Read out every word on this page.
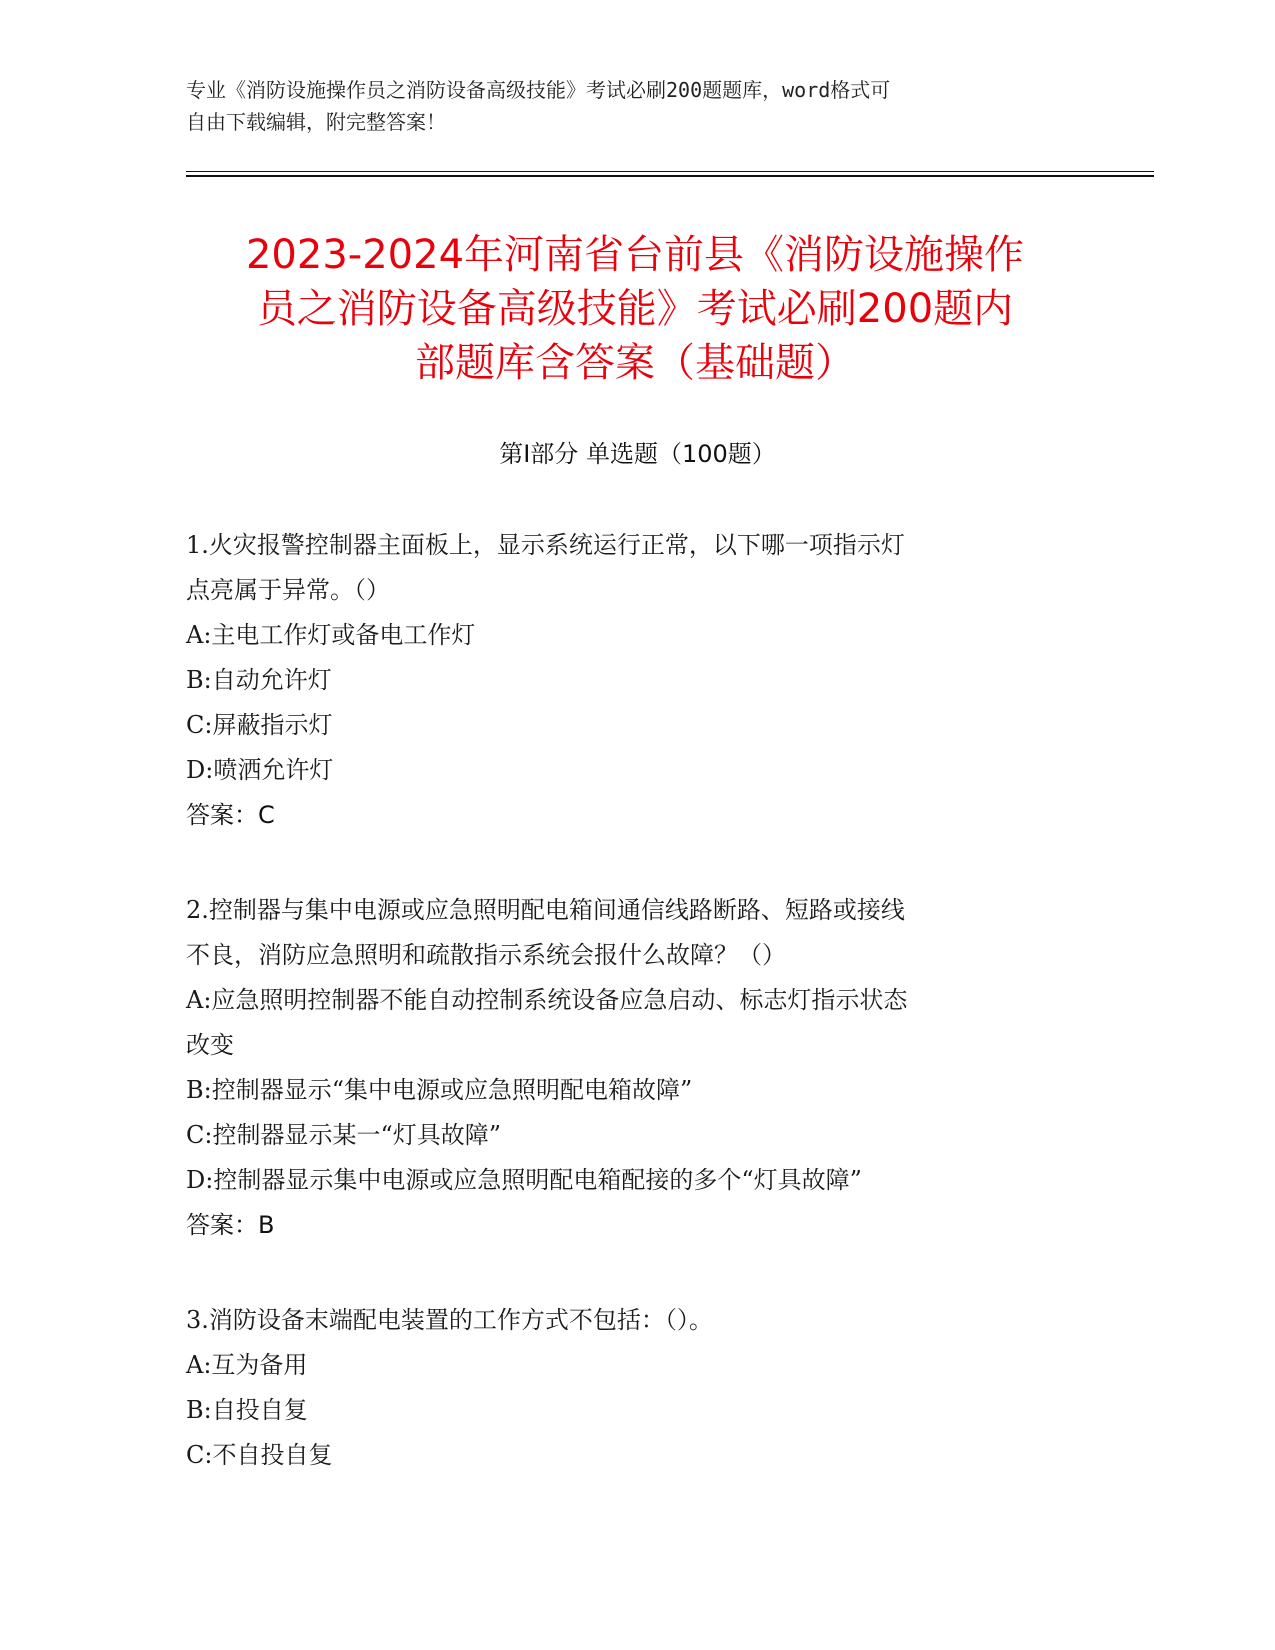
专业《消防设施操作员之消防设备高级技能》考试必刷200题题库，word格式可
自由下载编辑，附完整答案！
2023-2024年河南省台前县《消防设施操作
员之消防设备高级技能》考试必刷200题内
部题库含答案（基础题）
第Ⅰ部分 单选题（100题）
1.火灾报警控制器主面板上，显示系统运行正常，以下哪一项指示灯
点亮属于异常。（）
A:主电工作灯或备电工作灯
B:自动允许灯
C:屏蔽指示灯
D:喷洒允许灯
答案：C
2.控制器与集中电源或应急照明配电箱间通信线路断路、短路或接线
不良，消防应急照明和疏散指示系统会报什么故障？（）
A:应急照明控制器不能自动控制系统设备应急启动、标志灯指示状态
改变
B:控制器显示“集中电源或应急照明配电箱故障”
C:控制器显示某一“灯具故障”
D:控制器显示集中电源或应急照明配电箱配接的多个“灯具故障”
答案：B
3.消防设备末端配电装置的工作方式不包括：（）。
A:互为备用
B:自投自复
C:不自投自复
